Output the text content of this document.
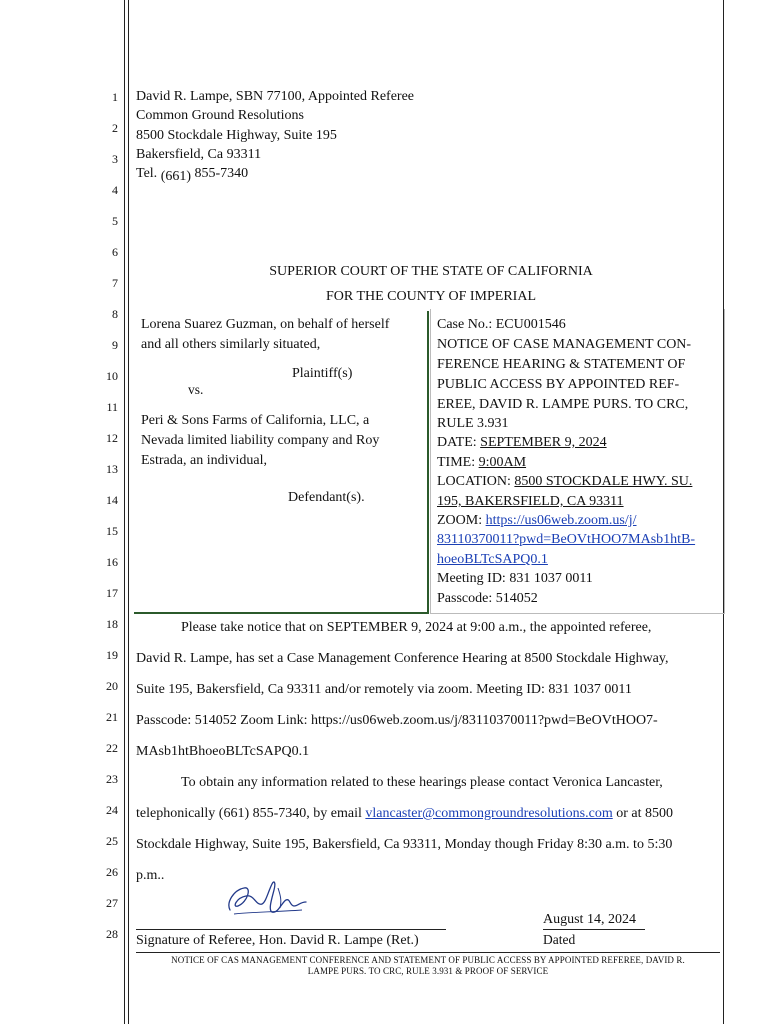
1
2
3
4
5
6
7
8
9
10
11
12
13
14
15
16
17
18
19
20
21
22
23
24
25
26
27
28
David R. Lampe, SBN 77100, Appointed Referee
Common Ground Resolutions
8500 Stockdale Highway, Suite 195
Bakersfield, Ca 93311
Tel. (661) 855-7340
SUPERIOR COURT OF THE STATE OF CALIFORNIA
FOR THE COUNTY OF IMPERIAL
Lorena Suarez Guzman, on behalf of herself
and all others similarly situated,
Plaintiff(s)
vs.
Peri & Sons Farms of California, LLC, a
Nevada limited liability company and Roy
Estrada, an individual,
Defendant(s).
Case No.: ECU001546
NOTICE OF CASE MANAGEMENT CON-
FERENCE HEARING & STATEMENT OF
PUBLIC ACCESS BY APPOINTED REF-
EREE, DAVID R. LAMPE PURS. TO CRC,
RULE 3.931
DATE: SEPTEMBER 9, 2024
TIME: 9:00AM
LOCATION: 8500 STOCKDALE HWY. SU.
195, BAKERSFIELD, CA 93311
ZOOM: https://us06web.zoom.us/j/
83110370011?pwd=BeOVtHOO7MAsb1htB-
hoeoBLTcSAPQ0.1
Meeting ID: 831 1037 0011
Passcode: 514052
Please take notice that on SEPTEMBER 9, 2024 at 9:00 a.m., the appointed referee,
David R. Lampe, has set a Case Management Conference Hearing at 8500 Stockdale Highway,
Suite 195, Bakersfield, Ca 93311 and/or remotely via zoom. Meeting ID: 831 1037 0011
Passcode: 514052 Zoom Link: https://us06web.zoom.us/j/83110370011?pwd=BeOVtHOO7-
MAsb1htBhoeoBLTcSAPQ0.1
To obtain any information related to these hearings please contact Veronica Lancaster,
telephonically (661) 855-7340, by email vlancaster@commongroundresolutions.com or at 8500
Stockdale Highway, Suite 195, Bakersfield, Ca 93311, Monday though Friday 8:30 a.m. to 5:30
p.m..
Signature of Referee, Hon. David R. Lampe (Ret.)
August 14, 2024
Dated
NOTICE OF CAS MANAGEMENT CONFERENCE AND STATEMENT OF PUBLIC ACCESS BY APPOINTED REFEREE, DAVID R.
LAMPE PURS. TO CRC, RULE 3.931 & PROOF OF SERVICE
